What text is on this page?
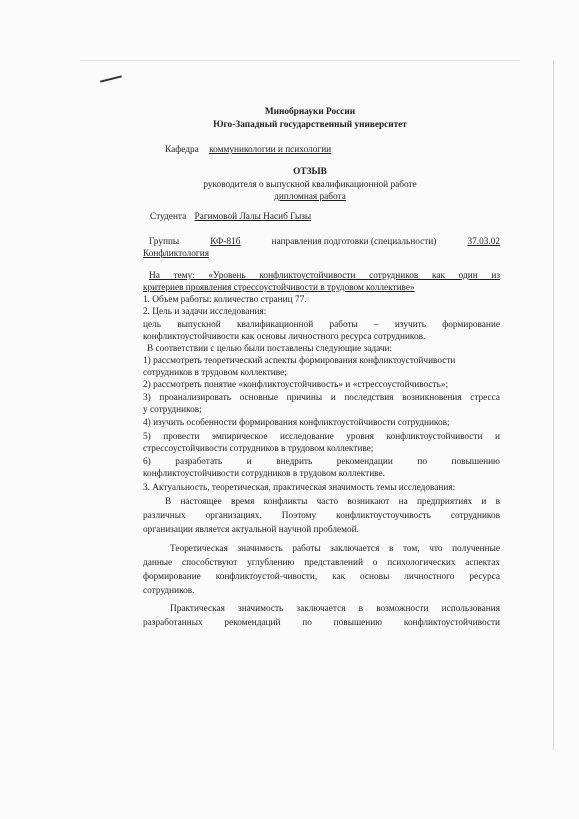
Минобрнауки России
Юго-Западный государственный университет
Кафедра коммуникологии и психологии
ОТЗЫВ
руководителя о выпускной квалификационной работе
дипломная работа
Студента Рагимовой Лалы Насиб Гызы
Группы	КФ-81б	направления подготовки (специальности)	37.03.02
Конфликтология
На тему: «Уровень конфликтоустойчивости сотрудников как один из
критериев проявления стрессоустойчивости в трудовом коллективе»
1. Объем работы: количество страниц 77.
2. Цель и задачи исследования:
цель выпускной квалификационной работы – изучить формирование
конфликтоустойчивости как основы личностного ресурса сотрудников.
В соответствии с целью были поставлены следующие задачи:
1) рассмотреть теоретический аспекты формирования конфликтоустойчивости
сотрудников в трудовом коллективе;
2) рассмотреть понятие «конфликтоустойчивость» и «стрессоустойчивость»;
3) проанализировать основные причины и последствия возникновения стресса
у сотрудников;
4) изучить особенности формирования конфликтоустойчивости сотрудников;
5) провести эмпирическое исследование уровня конфликтоустойчивости и
стрессоустойчивости сотрудников в трудовом коллективе;
6) разработать и внедрить рекомендации по повышению
конфликтоустойчивости сотрудников в трудовом коллективе.
3. Актуальность, теоретическая, практическая значимость темы исследования:
В настоящее время конфликты часто возникают на предприятиях и в
различных организациях. Поэтому конфликтоустоучивость сотрудников
организации является актуальной научной проблемой.
Теоретическая значимость работы заключается в том, что полученные
данные способствуют углублению представлений о психологических аспектах
формирование конфликтоустой-чивости, как основы личностного ресурса
сотрудников.
Практическая значимость заключается в возможности использования
разработанных рекомендаций по повышению конфликтоустойчивости
